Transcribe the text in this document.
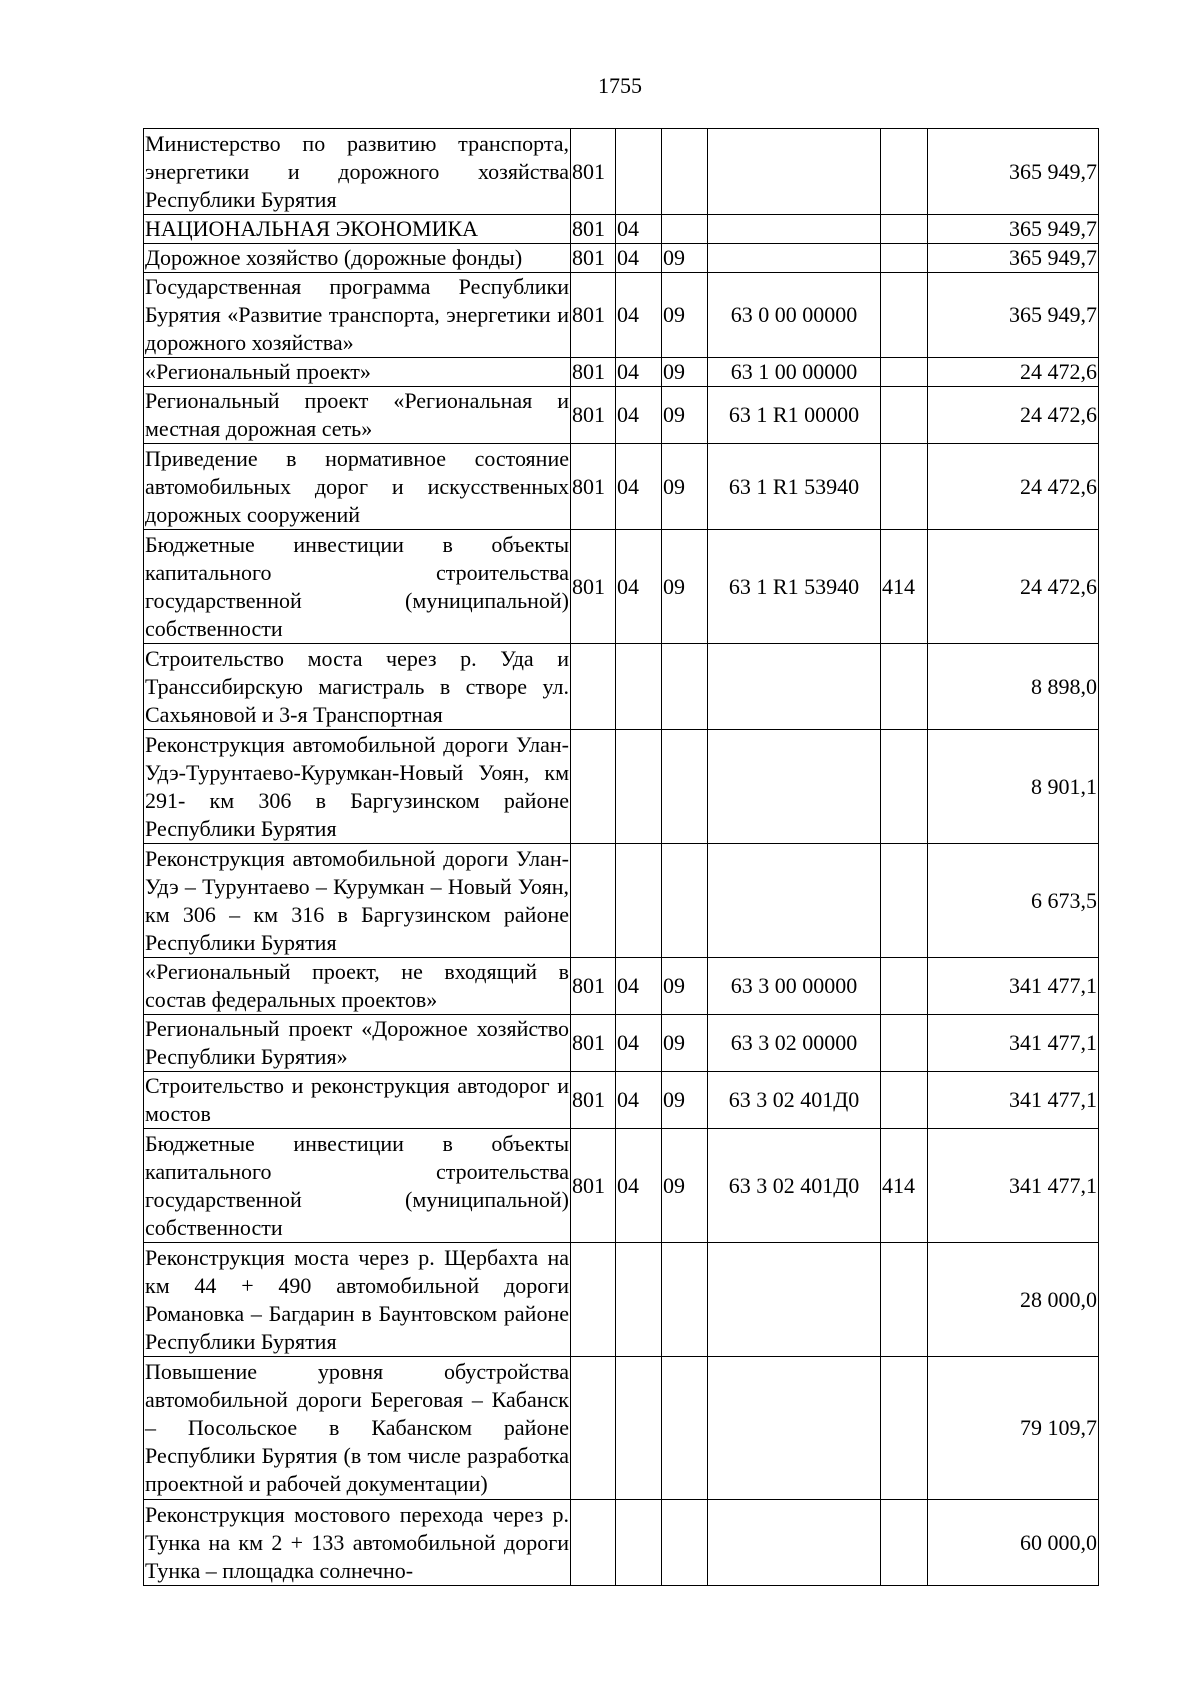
1755
Министерство по развитию транспорта, энергетики и дорожного хозяйства Республики Бурятия	801					365 949,7
НАЦИОНАЛЬНАЯ ЭКОНОМИКА	801	04				365 949,7
Дорожное хозяйство (дорожные фонды)	801	04	09			365 949,7
Государственная программа Республики Бурятия «Развитие транспорта, энергетики и дорожного хозяйства»	801	04	09	63 0 00 00000		365 949,7
«Региональный проект»	801	04	09	63 1 00 00000		24 472,6
Региональный проект «Региональная и местная дорожная сеть»	801	04	09	63 1 R1 00000		24 472,6
Приведение в нормативное состояние автомобильных дорог и искусственных дорожных сооружений	801	04	09	63 1 R1 53940		24 472,6
Бюджетные инвестиции в объекты капитального строительства государственной (муниципальной) собственности	801	04	09	63 1 R1 53940	414	24 472,6
Строительство моста через р. Уда и Транссибирскую магистраль в створе ул. Сахьяновой и 3-я Транспортная						8 898,0
Реконструкция автомобильной дороги Улан-Удэ-Турунтаево-Курумкан-Новый Уоян, км 291- км 306 в Баргузинском районе Республики Бурятия						8 901,1
Реконструкция автомобильной дороги Улан-Удэ – Турунтаево – Курумкан – Новый Уоян, км 306 – км 316 в Баргузинском районе Республики Бурятия						6 673,5
«Региональный проект, не входящий в состав федеральных проектов»	801	04	09	63 3 00 00000		341 477,1
Региональный проект «Дорожное хозяйство Республики Бурятия»	801	04	09	63 3 02 00000		341 477,1
Строительство и реконструкция автодорог и мостов	801	04	09	63 3 02 401Д0		341 477,1
Бюджетные инвестиции в объекты капитального строительства государственной (муниципальной) собственности	801	04	09	63 3 02 401Д0	414	341 477,1
Реконструкция моста через р. Щербахта на км 44 + 490 автомобильной дороги Романовка – Багдарин в Баунтовском районе Республики Бурятия						28 000,0
Повышение уровня обустройства автомобильной дороги Береговая – Кабанск – Посольское в Кабанском районе Республики Бурятия (в том числе разработка проектной и рабочей документации)						79 109,7
Реконструкция мостового перехода через р. Тунка на км 2 + 133 автомобильной дороги Тунка – площадка солнечно-						60 000,0
